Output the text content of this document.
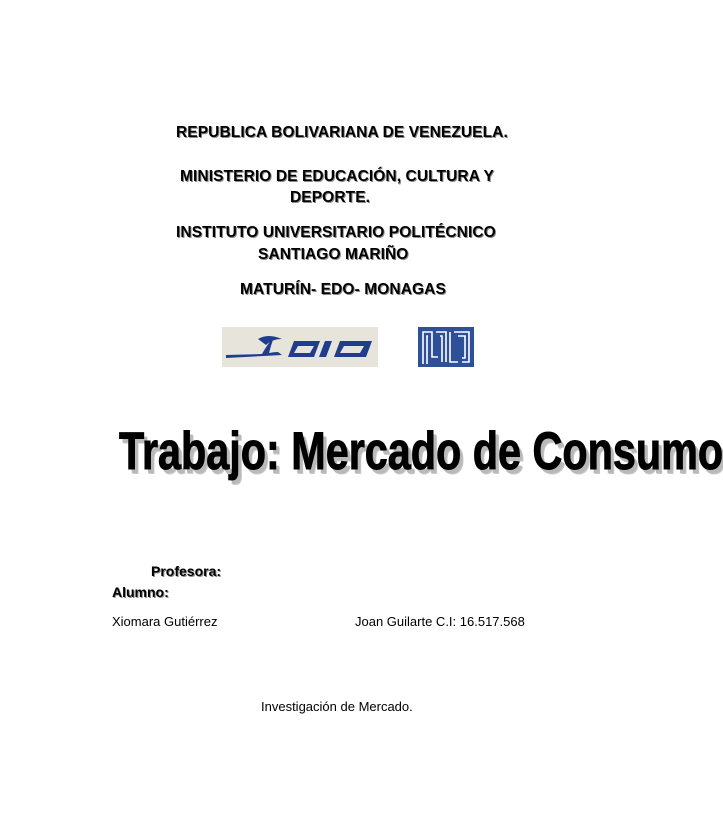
REPUBLICA BOLIVARIANA DE VENEZUELA.
MINISTERIO DE EDUCACIÓN, CULTURA Y
DEPORTE.
INSTITUTO UNIVERSITARIO POLITÉCNICO
SANTIAGO MARIÑO
MATURÍN- EDO- MONAGAS
Trabajo: Mercado de Consumo
Profesora:
Alumno:
Xiomara Gutiérrez	Joan Guilarte C.I: 16.517.568
Investigación de Mercado.
